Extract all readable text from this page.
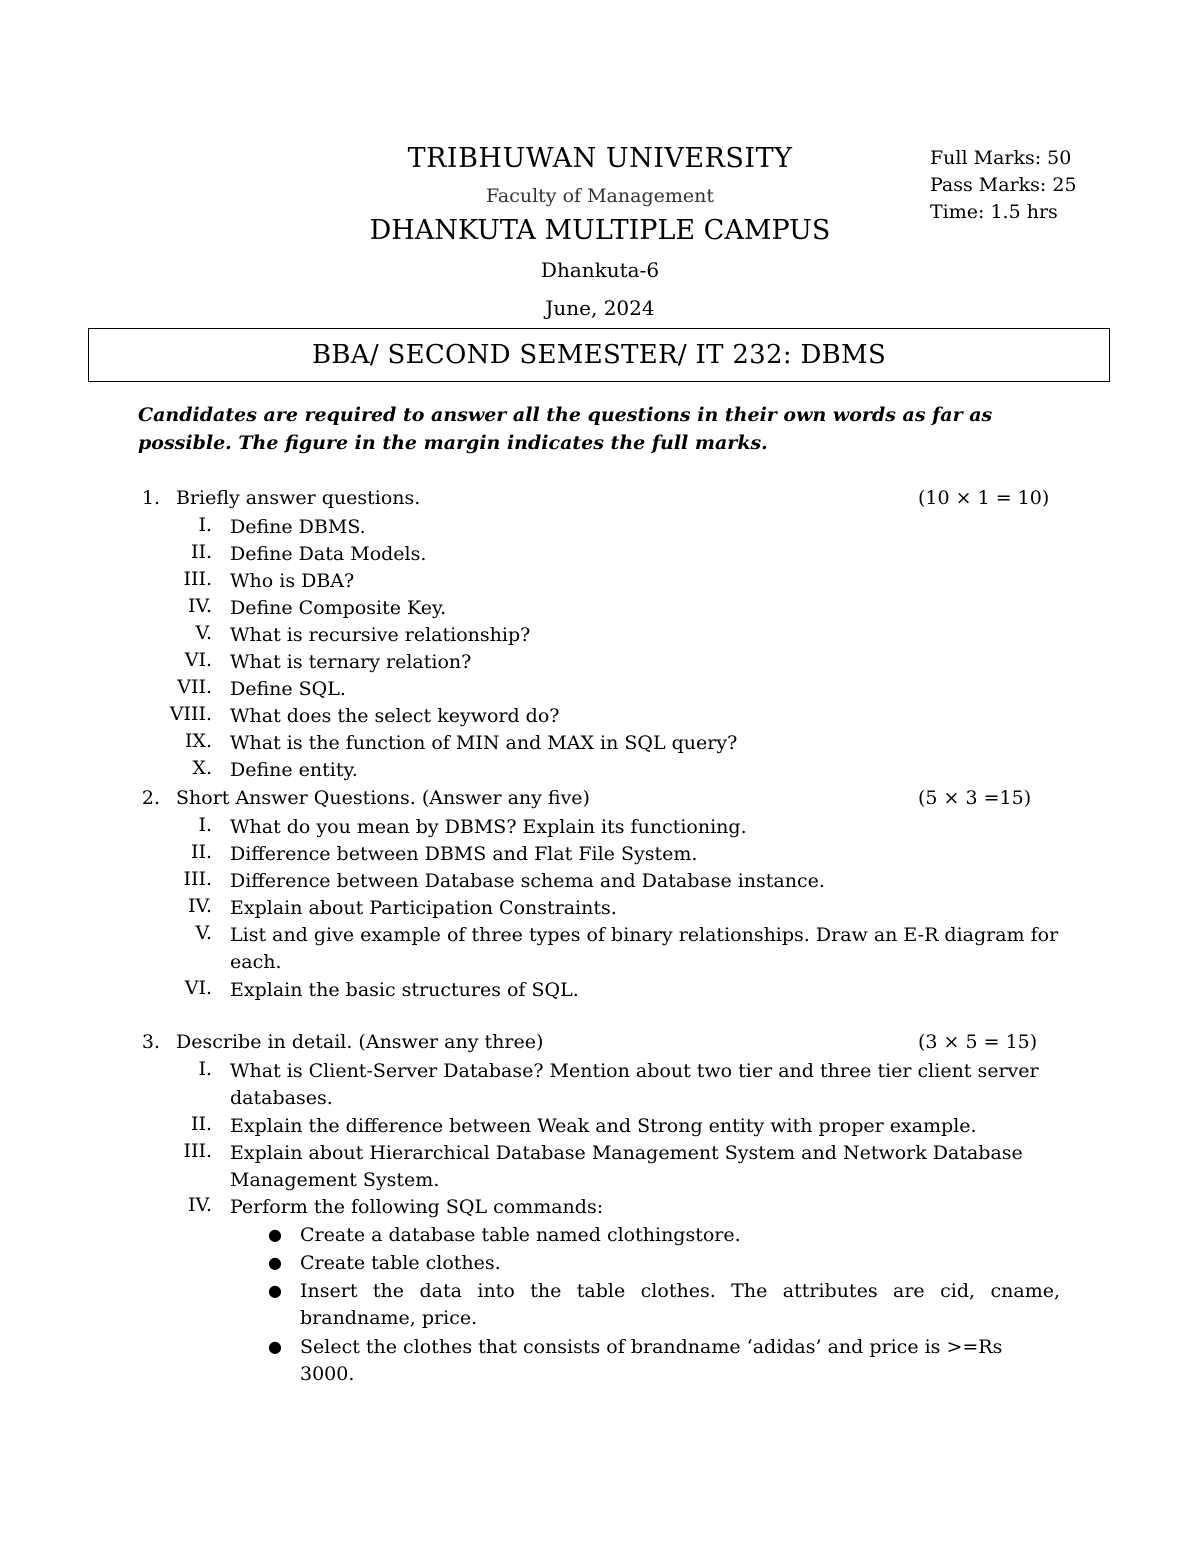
TRIBHUWAN UNIVERSITY
Faculty of Management
DHANKUTA MULTIPLE CAMPUS
Dhankuta-6
June, 2024
Full Marks: 50
Pass Marks: 25
Time: 1.5 hrs
BBA/ SECOND SEMESTER/ IT 232: DBMS
Candidates are required to answer all the questions in their own words as far as possible. The figure in the margin indicates the full marks.
1. Briefly answer questions.	(10 × 1 = 10)
I. Define DBMS.
II. Define Data Models.
III. Who is DBA?
IV. Define Composite Key.
V. What is recursive relationship?
VI. What is ternary relation?
VII. Define SQL.
VIII. What does the select keyword do?
IX. What is the function of MIN and MAX in SQL query?
X. Define entity.
2. Short Answer Questions. (Answer any five)	(5 × 3 =15)
I. What do you mean by DBMS? Explain its functioning.
II. Difference between DBMS and Flat File System.
III. Difference between Database schema and Database instance.
IV. Explain about Participation Constraints.
V. List and give example of three types of binary relationships. Draw an E-R diagram for each.
VI. Explain the basic structures of SQL.
3. Describe in detail. (Answer any three)	(3 × 5 = 15)
I. What is Client-Server Database? Mention about two tier and three tier client server databases.
II. Explain the difference between Weak and Strong entity with proper example.
III. Explain about Hierarchical Database Management System and Network Database Management System.
IV. Perform the following SQL commands:
● Create a database table named clothingstore.
● Create table clothes.
● Insert the data into the table clothes. The attributes are cid, cname, brandname, price.
● Select the clothes that consists of brandname ‘adidas’ and price is >=Rs 3000.
